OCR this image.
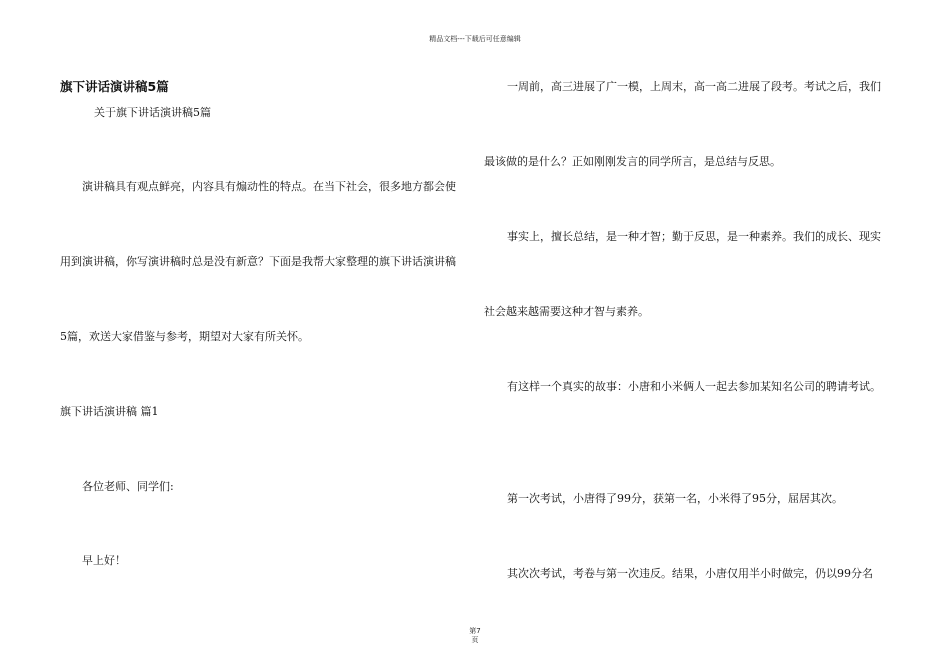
精品文档---下载后可任意编辑
旗下讲话演讲稿5篇
关于旗下讲话演讲稿5篇
演讲稿具有观点鲜亮，内容具有煽动性的特点。在当下社会，很多地方都会使
用到演讲稿，你写演讲稿时总是没有新意？下面是我帮大家整理的旗下讲话演讲稿
5篇，欢送大家借鉴与参考，期望对大家有所关怀。
旗下讲话演讲稿 篇1
各位老师、同学们:
早上好！
一周前，高三进展了广一模，上周末，高一高二进展了段考。考试之后，我们
最该做的是什么？正如刚刚发言的同学所言，是总结与反思。
事实上，擅长总结，是一种才智；勤于反思，是一种素养。我们的成长、现实
社会越来越需要这种才智与素养。
有这样一个真实的故事：小唐和小米俩人一起去参加某知名公司的聘请考试。
第一次考试，小唐得了99分，获第一名，小米得了95分，屈居其次。
其次次考试，考卷与第一次违反。结果，小唐仅用半小时做完，仍以99分名
第7
页
